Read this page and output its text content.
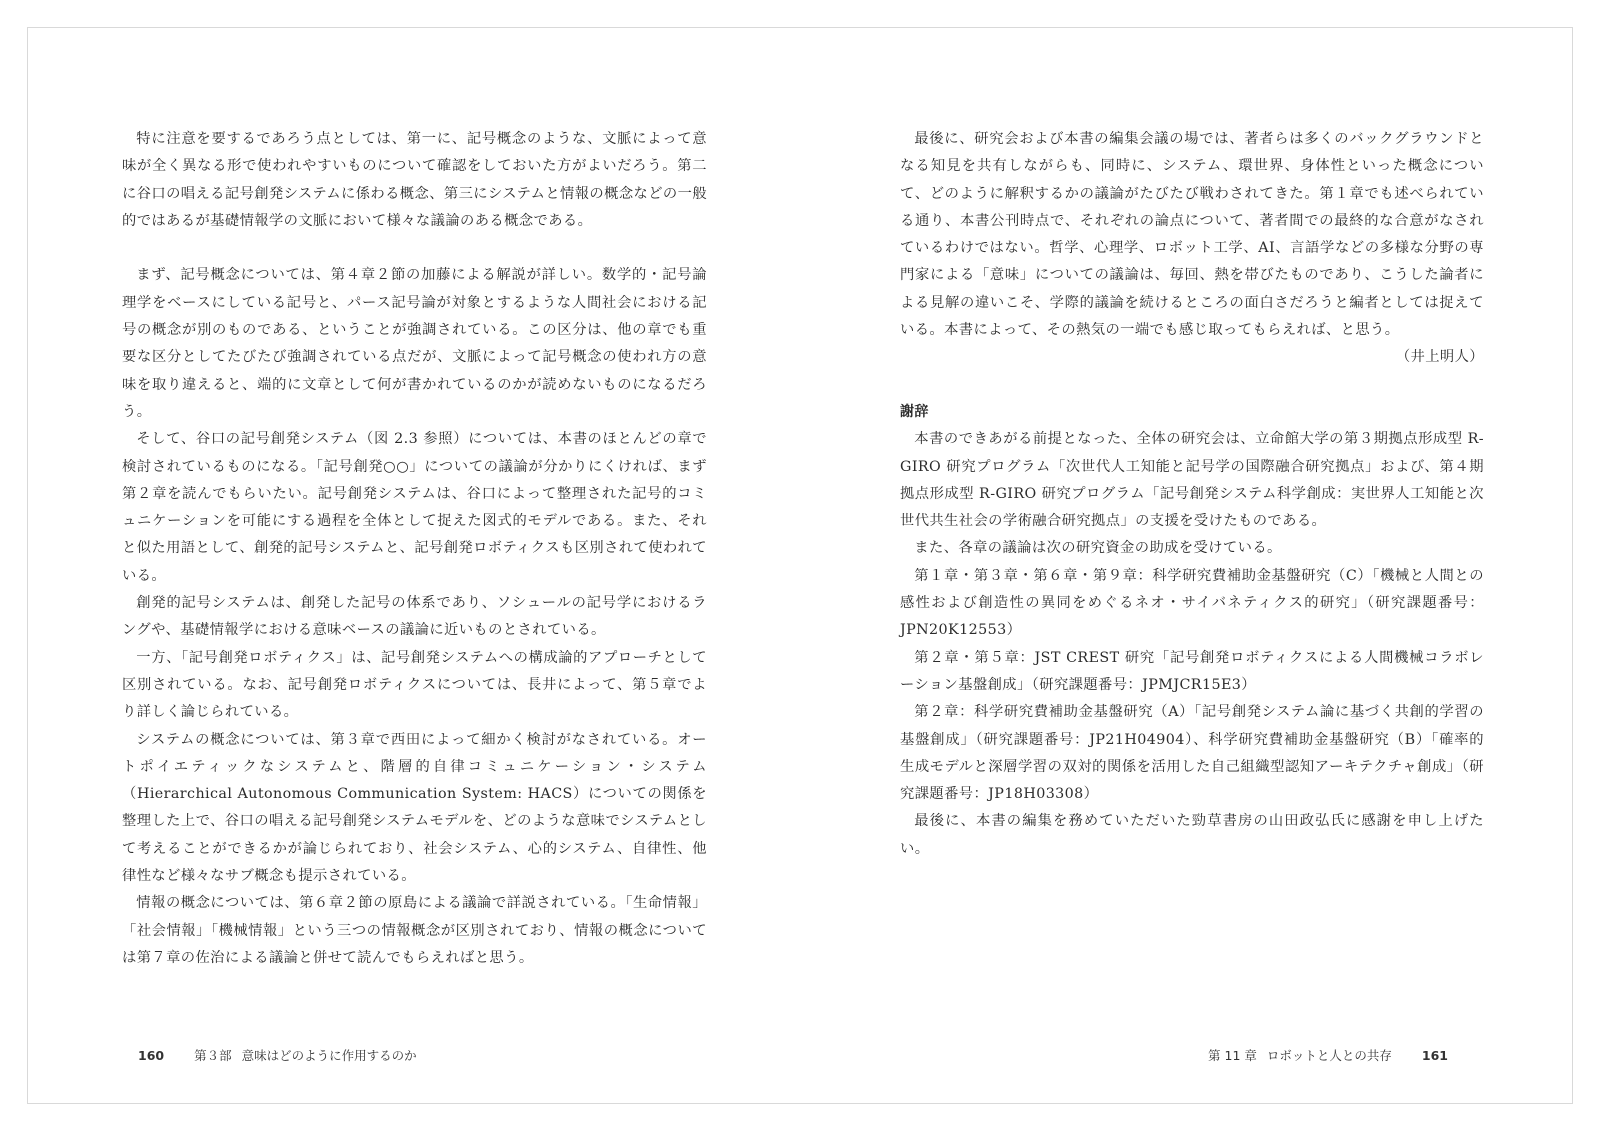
特に注意を要するであろう点としては、第一に、記号概念のような、文脈によって意味が全く異なる形で使われやすいものについて確認をしておいた方がよいだろう。第二に谷口の唱える記号創発システムに係わる概念、第三にシステムと情報の概念などの一般的ではあるが基礎情報学の文脈において様々な議論のある概念である。

まず、記号概念については、第４章２節の加藤による解説が詳しい。数学的・記号論理学をベースにしている記号と、パース記号論が対象とするような人間社会における記号の概念が別のものである、ということが強調されている。この区分は、他の章でも重要な区分としてたびたび強調されている点だが、文脈によって記号概念の使われ方の意味を取り違えると、端的に文章として何が書かれているのかが読めないものになるだろう。

そして、谷口の記号創発システム（図 2.3 参照）については、本書のほとんどの章で検討されているものになる。「記号創発○○」についての議論が分かりにくければ、まず第２章を読んでもらいたい。記号創発システムは、谷口によって整理された記号的コミュニケーションを可能にする過程を全体として捉えた図式的モデルである。また、それと似た用語として、創発的記号システムと、記号創発ロボティクスも区別されて使われている。

創発的記号システムは、創発した記号の体系であり、ソシュールの記号学におけるラングや、基礎情報学における意味ベースの議論に近いものとされている。

一方、「記号創発ロボティクス」は、記号創発システムへの構成論的アプローチとして区別されている。なお、記号創発ロボティクスについては、長井によって、第５章でより詳しく論じられている。

システムの概念については、第３章で西田によって細かく検討がなされている。オートポイエティックなシステムと、階層的自律コミュニケーション・システム（Hierarchical Autonomous Communication System: HACS）についての関係を整理した上で、谷口の唱える記号創発システムモデルを、どのような意味でシステムとして考えることができるかが論じられており、社会システム、心的システム、自律性、他律性など様々なサブ概念も提示されている。

情報の概念については、第６章２節の原島による議論で詳説されている。「生命情報」「社会情報」「機械情報」という三つの情報概念が区別されており、情報の概念については第７章の佐治による議論と併せて読んでもらえればと思う。

160 第３部 意味はどのように作用するのか

最後に、研究会および本書の編集会議の場では、著者らは多くのバックグラウンドとなる知見を共有しながらも、同時に、システム、環世界、身体性といった概念について、どのように解釈するかの議論がたびたび戦わされてきた。第１章でも述べられている通り、本書公刊時点で、それぞれの論点について、著者間での最終的な合意がなされているわけではない。哲学、心理学、ロボット工学、AI、言語学などの多様な分野の専門家による「意味」についての議論は、毎回、熱を帯びたものであり、こうした論者による見解の違いこそ、学際的議論を続けるところの面白さだろうと編者としては捉えている。本書によって、その熱気の一端でも感じ取ってもらえれば、と思う。

（井上明人）

謝辞

本書のできあがる前提となった、全体の研究会は、立命館大学の第３期拠点形成型 R-GIRO 研究プログラム「次世代人工知能と記号学の国際融合研究拠点」および、第４期拠点形成型 R-GIRO 研究プログラム「記号創発システム科学創成：実世界人工知能と次世代共生社会の学術融合研究拠点」の支援を受けたものである。

また、各章の議論は次の研究資金の助成を受けている。

第１章・第３章・第６章・第９章：科学研究費補助金基盤研究（C）「機械と人間との感性および創造性の異同をめぐるネオ・サイバネティクス的研究」（研究課題番号：JPN20K12553）

第２章・第５章：JST CREST 研究「記号創発ロボティクスによる人間機械コラボレーション基盤創成」（研究課題番号：JPMJCR15E3）

第２章：科学研究費補助金基盤研究（A）「記号創発システム論に基づく共創的学習の基盤創成」（研究課題番号：JP21H04904）、科学研究費補助金基盤研究（B）「確率的生成モデルと深層学習の双対的関係を活用した自己組織型認知アーキテクチャ創成」（研究課題番号：JP18H03308）

最後に、本書の編集を務めていただいた勁草書房の山田政弘氏に感謝を申し上げたい。

第 11 章 ロボットと人との共存 161
